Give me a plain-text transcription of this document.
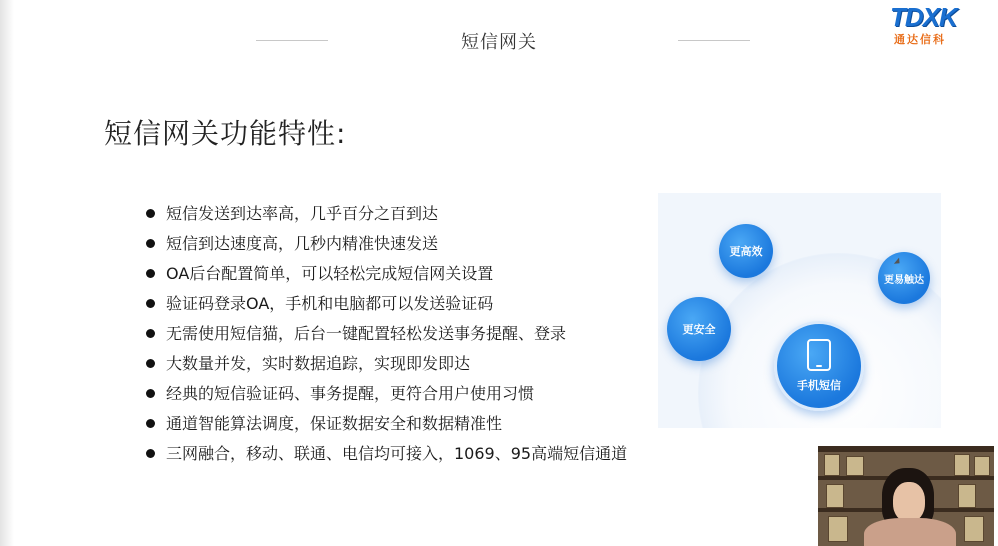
短信网关
TDXK
通达信科
短信网关功能特性:
短信发送到达率高，几乎百分之百到达
短信到达速度高，几秒内精准快速发送
OA后台配置简单，可以轻松完成短信网关设置
验证码登录OA，手机和电脑都可以发送验证码
无需使用短信猫，后台一键配置轻松发送事务提醒、登录
大数量并发，实时数据追踪，实现即发即达
经典的短信验证码、事务提醒，更符合用户使用习惯
通道智能算法调度，保证数据安全和数据精准性
三网融合，移动、联通、电信均可接入，1069、95高端短信通道
更高效
更易触达
更安全
手机短信
